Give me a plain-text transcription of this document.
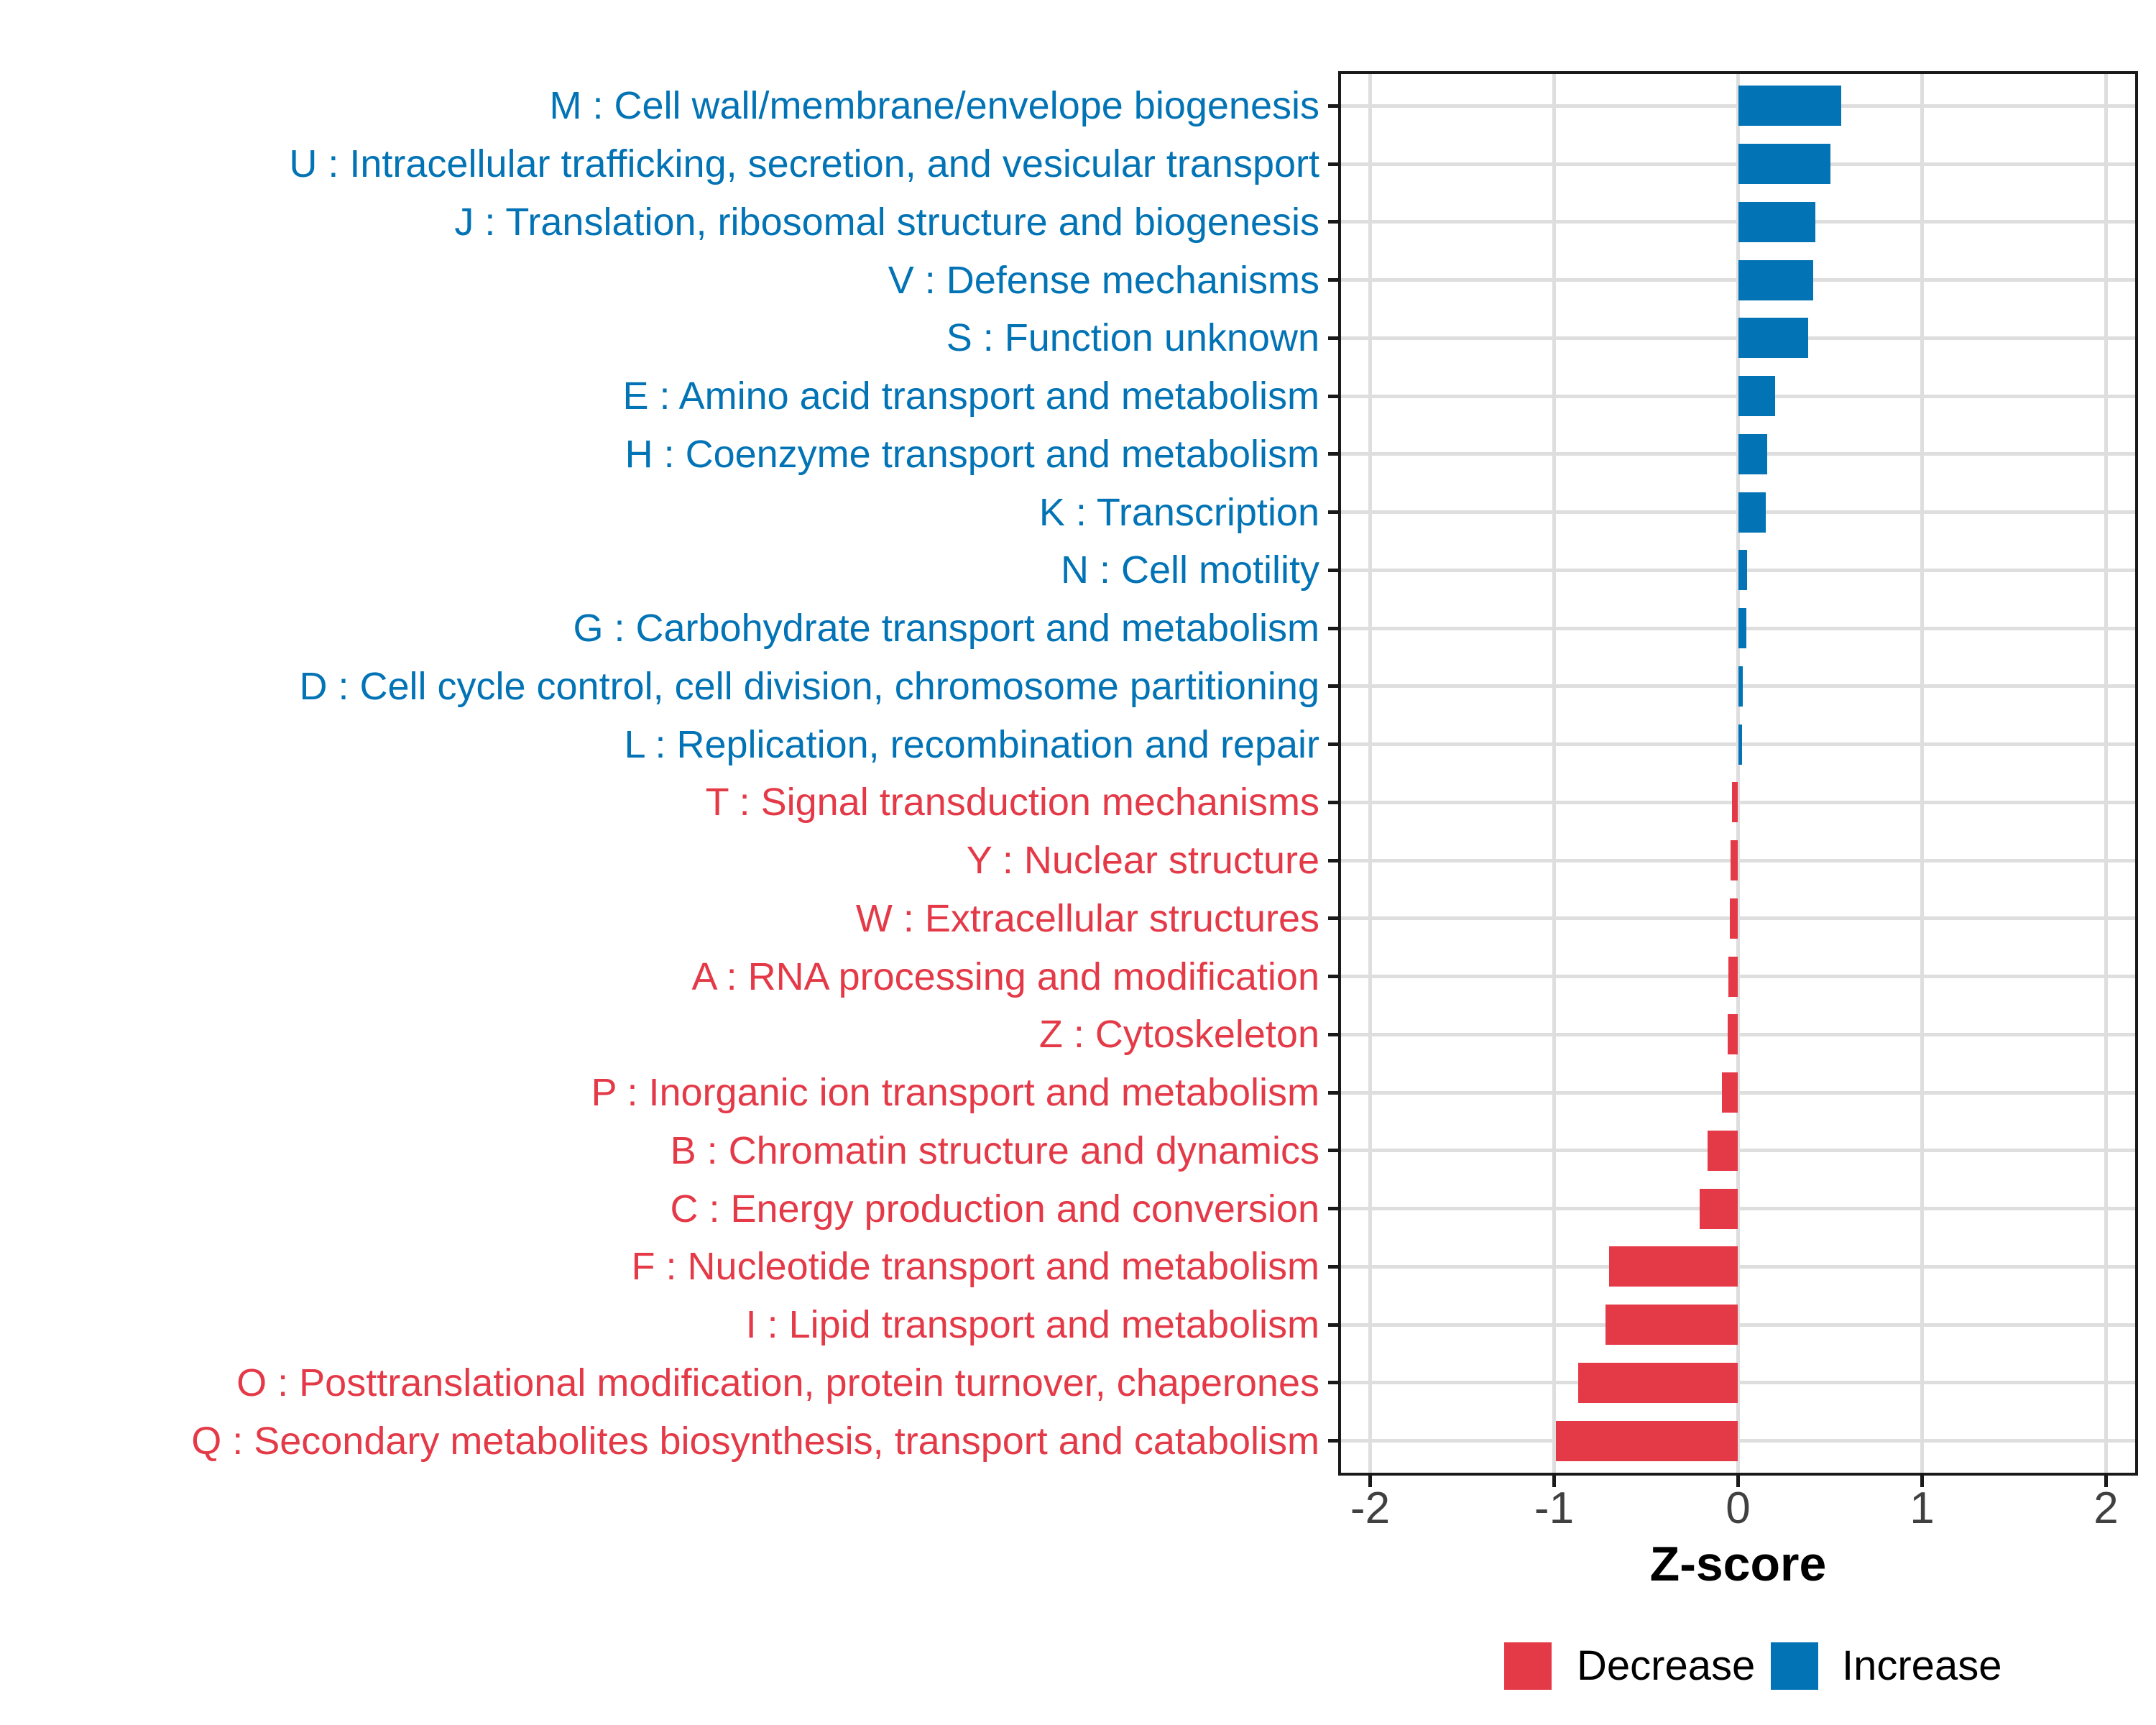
M : Cell wall/membrane/envelope biogenesis
U : Intracellular trafficking, secretion, and vesicular transport
J : Translation, ribosomal structure and biogenesis
V : Defense mechanisms
S : Function unknown
E : Amino acid transport and metabolism
H : Coenzyme transport and metabolism
K : Transcription
N : Cell motility
G : Carbohydrate transport and metabolism
D : Cell cycle control, cell division, chromosome partitioning
L : Replication, recombination and repair
T : Signal transduction mechanisms
Y : Nuclear structure
W : Extracellular structures
A : RNA processing and modification
Z : Cytoskeleton
P : Inorganic ion transport and metabolism
B : Chromatin structure and dynamics
C : Energy production and conversion
F : Nucleotide transport and metabolism
I : Lipid transport and metabolism
O : Posttranslational modification, protein turnover, chaperones
Q : Secondary metabolites biosynthesis, transport and catabolism
-2	-1	0	1	2
Z-score
Decrease Increase
